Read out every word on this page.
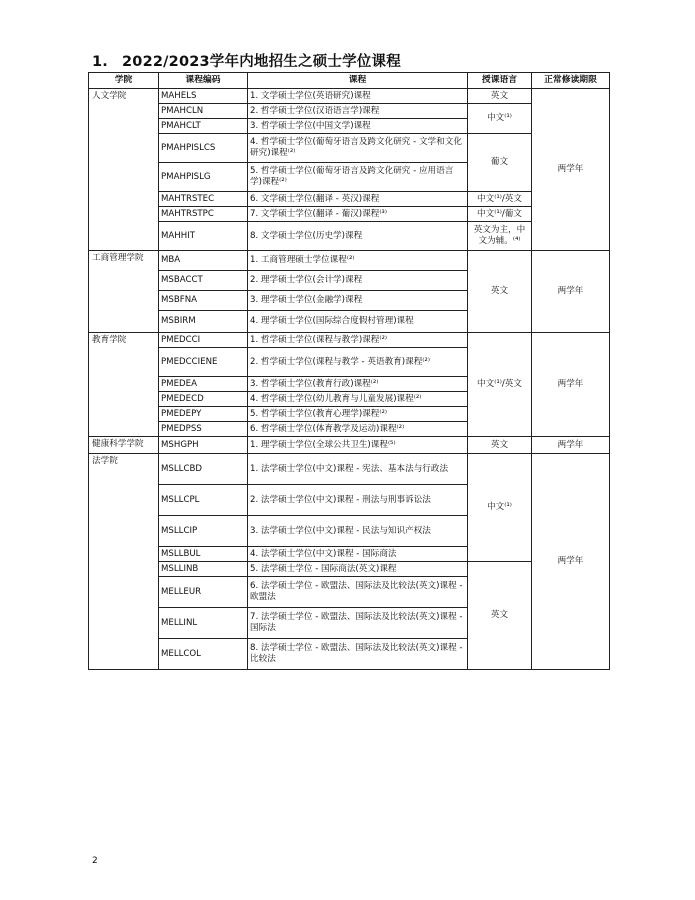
1. 2022/2023学年内地招生之硕士学位课程
学院	课程编码	课程	授课语言	正常修读期限
人文学院	MAHELS	1. 文学硕士学位(英语研究)课程	英文	两学年
	PMAHCLN	2. 哲学硕士学位(汉语语言学)课程	中文⁽¹⁾	
	PMAHCLT	3. 哲学硕士学位(中国文学)课程		
	PMAHPISLCS	4. 哲学硕士学位(葡萄牙语言及跨文化研究 - 文学和文化研究)课程⁽²⁾	葡文	
	PMAHPISLG	5. 哲学硕士学位(葡萄牙语言及跨文化研究 - 应用语言学)课程⁽²⁾		
	MAHTRSTEC	6. 文学硕士学位(翻译 - 英汉)课程	中文⁽¹⁾/英文	
	MAHTRSTPC	7. 文学硕士学位(翻译 - 葡汉)课程⁽³⁾	中文⁽¹⁾/葡文	
	MAHHIT	8. 文学硕士学位(历史学)课程	英文为主，中文为辅。⁽⁴⁾	
工商管理学院	MBA	1. 工商管理硕士学位课程⁽²⁾	英文	两学年
	MSBACCT	2. 理学硕士学位(会计学)课程		
	MSBFNA	3. 理学硕士学位(金融学)课程		
	MSBIRM	4. 理学硕士学位(国际综合度假村管理)课程		
教育学院	PMEDCCI	1. 哲学硕士学位(课程与教学)课程⁽²⁾	中文⁽¹⁾/英文	两学年
	PMEDCCIENE	2. 哲学硕士学位(课程与教学 - 英语教育)课程⁽²⁾		
	PMEDEA	3. 哲学硕士学位(教育行政)课程⁽²⁾		
	PMEDECD	4. 哲学硕士学位(幼儿教育与儿童发展)课程⁽²⁾		
	PMEDEPY	5. 哲学硕士学位(教育心理学)课程⁽²⁾		
	PMEDPSS	6. 哲学硕士学位(体育教学及运动)课程⁽²⁾		
健康科学学院	MSHGPH	1. 理学硕士学位(全球公共卫生)课程⁽⁵⁾	英文	两学年
法学院	MSLLCBD	1. 法学硕士学位(中文)课程 - 宪法、基本法与行政法	中文⁽¹⁾	两学年
	MSLLCPL	2. 法学硕士学位(中文)课程 - 刑法与刑事诉讼法		
	MSLLCIP	3. 法学硕士学位(中文)课程 - 民法与知识产权法		
	MSLLBUL	4. 法学硕士学位(中文)课程 - 国际商法		
	MSLLINB	5. 法学硕士学位 - 国际商法(英文)课程	英文	
	MELLEUR	6. 法学硕士学位 - 欧盟法、国际法及比较法(英文)课程 - 欧盟法		
	MELLINL	7. 法学硕士学位 - 欧盟法、国际法及比较法(英文)课程 - 国际法		
	MELLCOL	8. 法学硕士学位 - 欧盟法、国际法及比较法(英文)课程 - 比较法		
2
